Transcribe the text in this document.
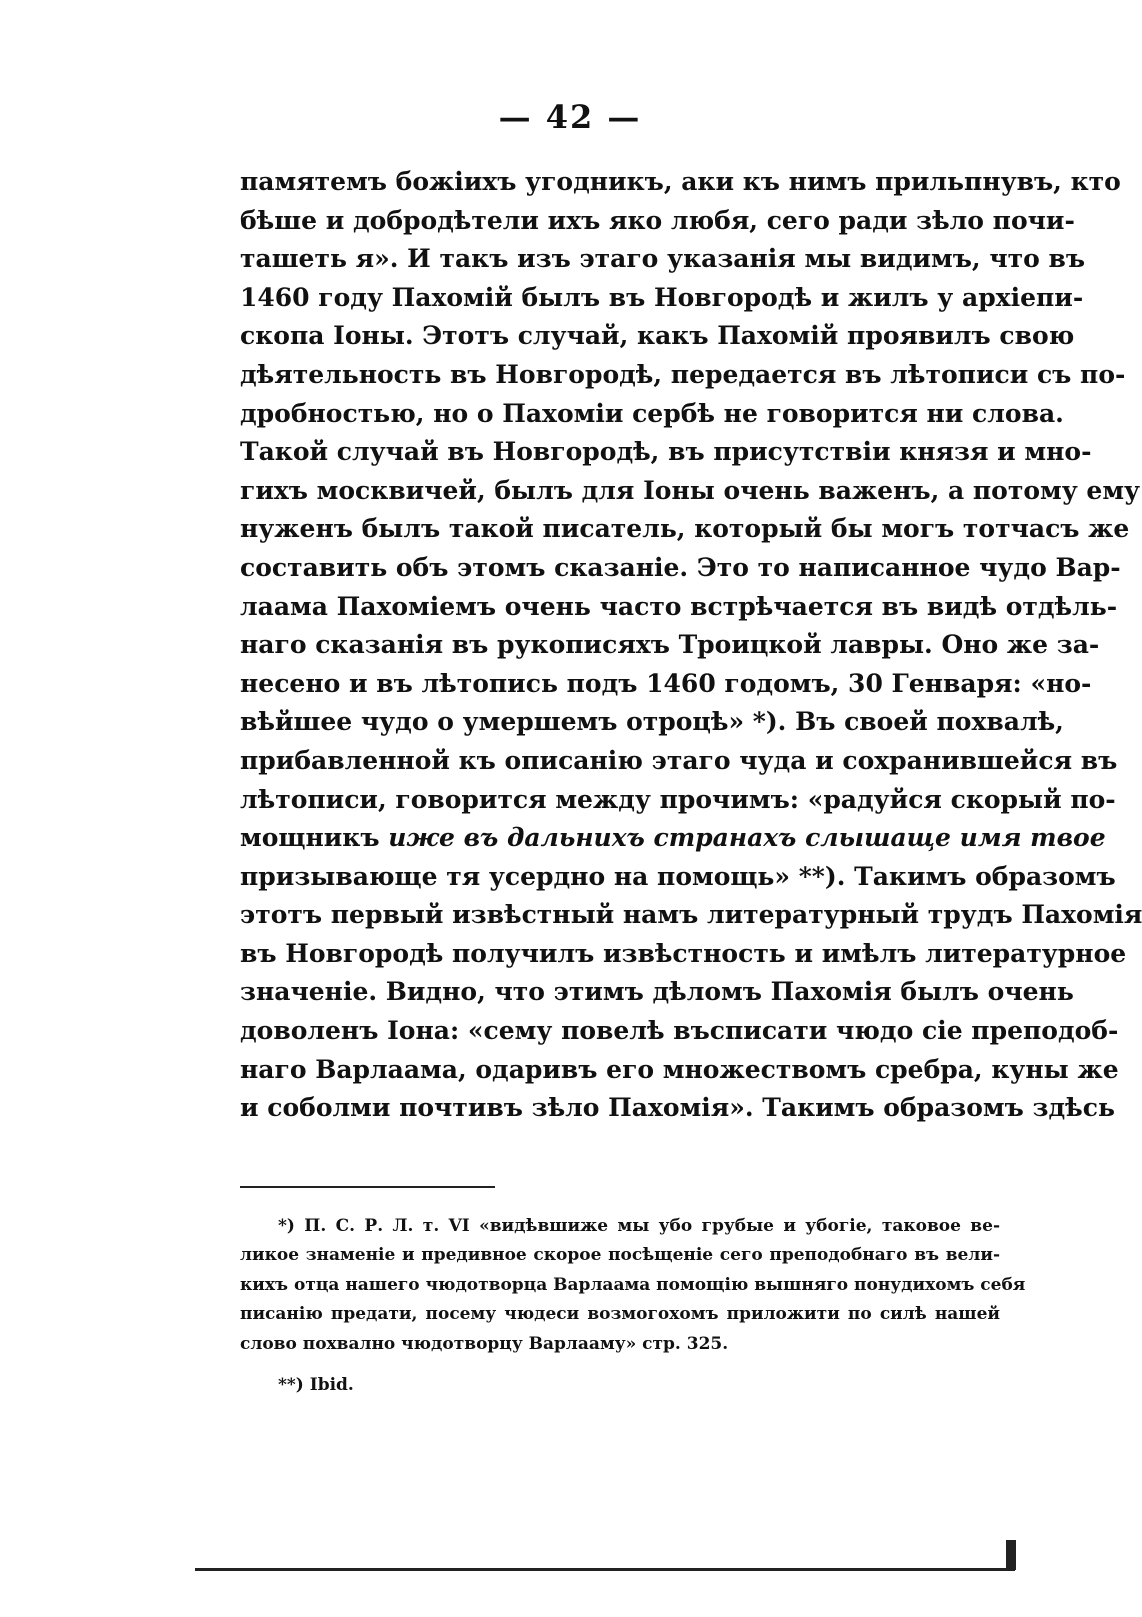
— 42 —
памятемъ божіихъ угодникъ, аки къ нимъ прильпнувъ, кто
бѣше и добродѣтели ихъ яко любя, сего ради зѣло почи-
тaшеть я». И такъ изъ этаго указанія мы видимъ, что въ
1460 году Пахомій былъ въ Новгородѣ и жилъ у архіепи-
скопа Іоны. Этотъ случай, какъ Пахомій проявилъ свою
дѣятельность въ Новгородѣ, передается въ лѣтописи съ по-
дробностью, но о Пахоміи сербѣ не говорится ни слова.
Такой случай въ Новгородѣ, въ присутствіи князя и мно-
гихъ москвичей, былъ для Іоны очень важенъ, а потому ему
нуженъ былъ такой писатель, который бы могъ тотчасъ же
составить объ этомъ сказаніе. Это то написанное чудо Вар-
лаама Пахоміемъ очень часто встрѣчается въ видѣ отдѣль-
наго сказанія въ рукописяхъ Троицкой лавры. Оно же за-
несено и въ лѣтопись подъ 1460 годомъ, 30 Генваря: «но-
вѣйшее чудо о умершемъ отроцѣ» *). Въ своей похвалѣ,
прибавленной къ описанію этаго чуда и сохранившейся въ
лѣтописи, говорится между прочимъ: «радуйся скорый по-
мощникъ иже въ дальнихъ странахъ слышаще имя твое
призывающе тя усердно на помощь» **). Такимъ образомъ
этотъ первый извѣстный намъ литературный трудъ Пахомія
въ Новгородѣ получилъ извѣстность и имѣлъ литературное
значеніе. Видно, что этимъ дѣломъ Пахомія былъ очень
доволенъ Іона: «сему повелѣ въсписати чюдо сіе преподоб-
наго Варлаама, одаривъ его множествомъ сребра, куны же
и соболми почтивъ зѣло Пахомія». Такимъ образомъ здѣсь
*) П. С. Р. Л. т. VI «видѣвшиже мы убо грубые и убогіе, таковое ве-
ликое знаменіе и предивное скорое посѣщеніе сего преподобнаго въ вели-
кихъ отца нашего чюдотворца Варлаама помощію вышняго понудихомъ себя
писанію предати, посему чюдеси возмогохомъ приложити по силѣ нашей
слово похвално чюдотворцу Варлааму» стр. 325.
**) Ibid.
